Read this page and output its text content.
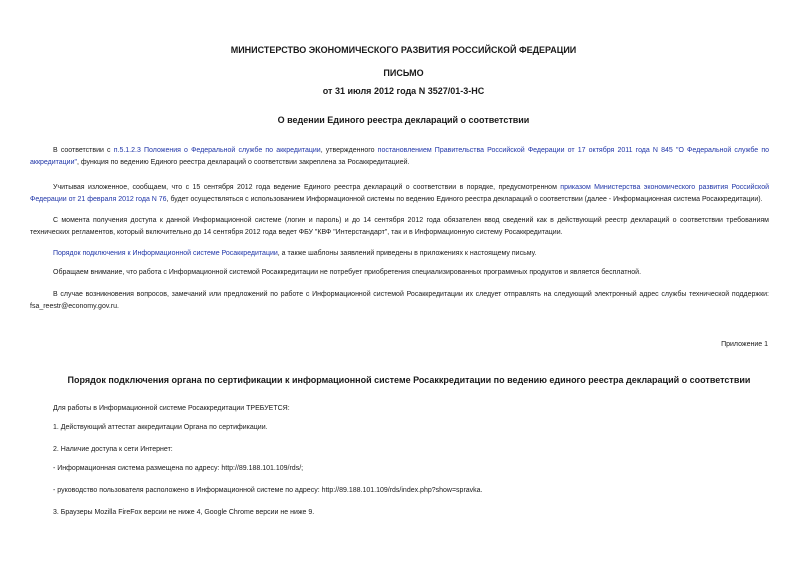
МИНИСТЕРСТВО ЭКОНОМИЧЕСКОГО РАЗВИТИЯ РОССИЙСКОЙ ФЕДЕРАЦИИ
ПИСЬМО
от 31 июля 2012 года N 3527/01-3-НС
О ведении Единого реестра деклараций о соответствии

В соответствии с п.5.1.2.3 Положения о Федеральной службе по аккредитации, утвержденного постановлением Правительства Российской Федерации от 17 октября 2011 года N 845 "О Федеральной службе по аккредитации", функция по ведению Единого реестра деклараций о соответствии закреплена за Росаккредитацией.

Учитывая изложенное, сообщаем, что с 15 сентября 2012 года ведение Единого реестра деклараций о соответствии в порядке, предусмотренном приказом Министерства экономического развития Российской Федерации от 21 февраля 2012 года N 76, будет осуществляться с использованием Информационной системы по ведению Единого реестра деклараций о соответствии (далее - Информационная система Росаккредитации).

С момента получения доступа к данной Информационной системе (логин и пароль) и до 14 сентября 2012 года обязателен ввод сведений как в действующий реестр деклараций о соответствии требованиям технических регламентов, который включительно до 14 сентября 2012 года ведет ФБУ "КВФ "Интерстандарт", так и в Информационную систему Росаккредитации.

Порядок подключения к Информационной системе Росаккредитации, а также шаблоны заявлений приведены в приложениях к настоящему письму.

Обращаем внимание, что работа с Информационной системой Росаккредитации не потребует приобретения специализированных программных продуктов и является бесплатной.

В случае возникновения вопросов, замечаний или предложений по работе с Информационной системой Росаккредитации их следует отправлять на следующий электронный адрес службы технической поддержки: fsa_reestr@economy.gov.ru.

Приложение 1
Порядок подключения органа по сертификации к информационной системе Росаккредитации по ведению единого реестра деклараций о соответствии

Для работы в Информационной системе Росаккредитации ТРЕБУЕТСЯ:

1. Действующий аттестат аккредитации Органа по сертификации.

2. Наличие доступа к сети Интернет:

- Информационная система размещена по адресу: http://89.188.101.109/rds/;

- руководство пользователя расположено в Информационной системе по адресу: http://89.188.101.109/rds/index.php?show=spravka.

3. Браузеры Mozilla FireFox версии не ниже 4, Google Chrome версии не ниже 9.
